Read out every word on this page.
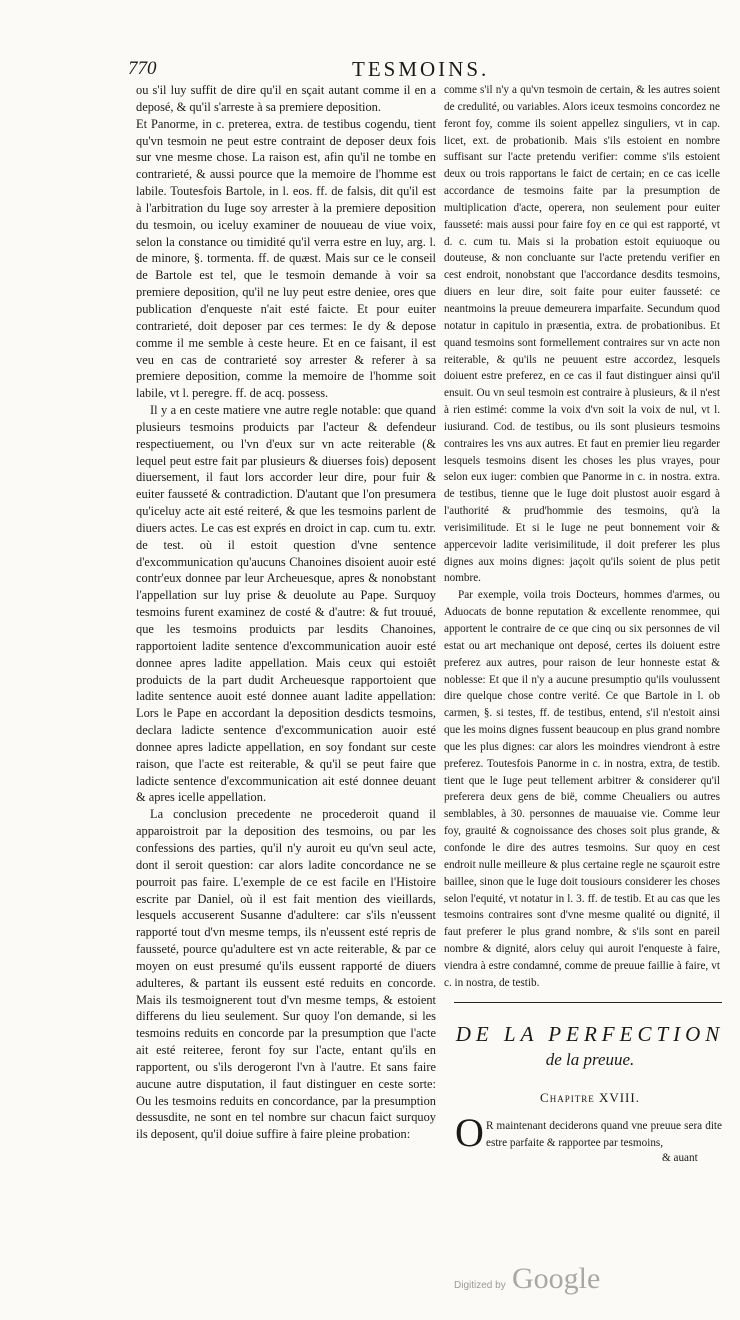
770	TESMOINS.

ou s'il luy suffit de dire qu'il en sçait autant comme il en a deposé, & qu'il s'arreste à sa premiere deposition.

Et Panorme, in c. preterea, extra. de testibus cogendu, tient qu'vn tesmoin ne peut estre contraint de deposer deux fois sur vne mesme chose. La raison est, afin qu'il ne tombe en contrarieté, & aussi pource que la memoire de l'homme est labile. Toutesfois Bartole, in l. eos. ff. de falsis, dit qu'il est à l'arbitration du Iuge soy arrester à la premiere deposition du tesmoin, ou iceluy examiner de nouueau de viue voix, selon la constance ou timidité qu'il verra estre en luy, arg. l. de minore, §. tormenta. ff. de quæst. Mais sur ce le conseil de Bartole est tel, que le tesmoin demande à voir sa premiere deposition, qu'il ne luy peut estre deniee, ores que publication d'enqueste n'ait esté faicte. Et pour euiter contrarieté, doit deposer par ces termes: Ie dy & depose comme il me semble à ceste heure. Et en ce faisant, il est veu en cas de contrarieté soy arrester & referer à sa premiere deposition, comme la memoire de l'homme soit labile, vt l. peregre. ff. de acq. possess.

Il y a en ceste matiere vne autre regle notable: que quand plusieurs tesmoins produicts par l'acteur & defendeur respectiuement, ou l'vn d'eux sur vn acte reiterable (& lequel peut estre fait par plusieurs & diuerses fois) deposent diuersement, il faut lors accorder leur dire, pour fuir & euiter fausseté & contradiction. D'autant que l'on presumera qu'iceluy acte ait esté reiteré, & que les tesmoins parlent de diuers actes. Le cas est exprés en droict in cap. cum tu. extr. de test. où il estoit question d'vne sentence d'excommunication qu'aucuns Chanoines disoient auoir esté contr'eux donnee par leur Archeuesque, apres & nonobstant l'appellation sur luy prise & deuolute au Pape. Surquoy tesmoins furent examinez de costé & d'autre: & fut trouué, que les tesmoins produicts par lesdits Chanoines, rapportoient ladite sentence d'excommunication auoir esté donnee apres ladite appellation. Mais ceux qui estoiêt produicts de la part dudit Archeuesque rapportoient que ladite sentence auoit esté donnee auant ladite appellation: Lors le Pape en accordant la deposition desdicts tesmoins, declara ladicte sentence d'excommunication auoir esté donnee apres ladicte appellation, en soy fondant sur ceste raison, que l'acte est reiterable, & qu'il se peut faire que ladicte sentence d'excommunication ait esté donnee deuant & apres icelle appellation.

La conclusion precedente ne procederoit quand il apparoistroit par la deposition des tesmoins, ou par les confessions des parties, qu'il n'y auroit eu qu'vn seul acte, dont il seroit question: car alors ladite concordance ne se pourroit pas faire. L'exemple de ce est facile en l'Histoire escrite par Daniel, où il est fait mention des vieillards, lesquels accuserent Susanne d'adultere: car s'ils n'eussent rapporté tout d'vn mesme temps, ils n'eussent esté repris de fausseté, pource qu'adultere est vn acte reiterable, & par ce moyen on eust presumé qu'ils eussent rapporté de diuers adulteres, & partant ils eussent esté reduits en concorde. Mais ils tesmoignerent tout d'vn mesme temps, & estoient differens du lieu seulement. Sur quoy l'on demande, si les tesmoins reduits en concorde par la presumption que l'acte ait esté reiteree, feront foy sur l'acte, entant qu'ils en rapportent, ou s'ils derogeront l'vn à l'autre. Et sans faire aucune autre disputation, il faut distinguer en ceste sorte: Ou les tesmoins reduits en concordance, par la presumption dessusdite, ne sont en tel nombre sur chacun faict surquoy ils deposent, qu'il doiue suffire à faire pleine probation:

comme s'il n'y a qu'vn tesmoin de certain, & les autres soient de credulité, ou variables. Alors iceux tesmoins concordez ne feront foy, comme ils soient appellez singuliers, vt in cap. licet, ext. de probationib. Mais s'ils estoient en nombre suffisant sur l'acte pretendu verifier: comme s'ils estoient deux ou trois rapportans le faict de certain; en ce cas icelle accordance de tesmoins faite par la presumption de multiplication d'acte, operera, non seulement pour euiter fausseté: mais aussi pour faire foy en ce qui est rapporté, vt d. c. cum tu. Mais si la probation estoit equiuoque ou douteuse, & non concluante sur l'acte pretendu verifier en cest endroit, nonobstant que l'accordance desdits tesmoins, diuers en leur dire, soit faite pour euiter fausseté: ce neantmoins la preuue demeurera imparfaite. Secundum quod notatur in capitulo in præsentia, extra. de probationibus. Et quand tesmoins sont formellement contraires sur vn acte non reiterable, & qu'ils ne peuuent estre accordez, lesquels doiuent estre preferez, en ce cas il faut distinguer ainsi qu'il ensuit. Ou vn seul tesmoin est contraire à plusieurs, & il n'est à rien estimé: comme la voix d'vn soit la voix de nul, vt l. iusiurand. Cod. de testibus, ou ils sont plusieurs tesmoins contraires les vns aux autres. Et faut en premier lieu regarder lesquels tesmoins disent les choses les plus vrayes, pour selon eux iuger: combien que Panorme in c. in nostra. extra. de testibus, tienne que le Iuge doit plustost auoir esgard à l'authorité & prud'hommie des tesmoins, qu'à la verisimilitude. Et si le Iuge ne peut bonnement voir & appercevoir ladite verisimilitude, il doit preferer les plus dignes aux moins dignes: jaçoit qu'ils soient de plus petit nombre.

Par exemple, voila trois Docteurs, hommes d'armes, ou Aduocats de bonne reputation & excellente renommee, qui apportent le contraire de ce que cinq ou six personnes de vil estat ou art mechanique ont deposé, certes ils doiuent estre preferez aux autres, pour raison de leur honneste estat & noblesse: Et que il n'y a aucune presumptio qu'ils voulussent dire quelque chose contre verité. Ce que Bartole in l. ob carmen, §. si testes, ff. de testibus, entend, s'il n'estoit ainsi que les moins dignes fussent beaucoup en plus grand nombre que les plus dignes: car alors les moindres viendront à estre preferez. Toutesfois Panorme in c. in nostra, extra, de testib. tient que le Iuge peut tellement arbitrer & considerer qu'il preferera deux gens de bië, comme Cheualiers ou autres semblables, à 30. personnes de mauuaise vie. Comme leur foy, grauité & cognoissance des choses soit plus grande, & confonde le dire des autres tesmoins. Sur quoy en cest endroit nulle meilleure & plus certaine regle ne sçauroit estre baillee, sinon que le Iuge doit tousiours considerer les choses selon l'equité, vt notatur in l. 3. ff. de testib. Et au cas que les tesmoins contraires sont d'vne mesme qualité ou dignité, il faut preferer le plus grand nombre, & s'ils sont en pareil nombre & dignité, alors celuy qui auroit l'enqueste à faire, viendra à estre condamné, comme de preuue faillie à faire, vt c. in nostra, de testib.

DE LA PERFECTION
de la preuue.
Chapitre XVIII.
O R maintenant deciderons quand vne preuue sera dite estre parfaite & rapportee par tesmoins,
& auant
Digitized by Google
